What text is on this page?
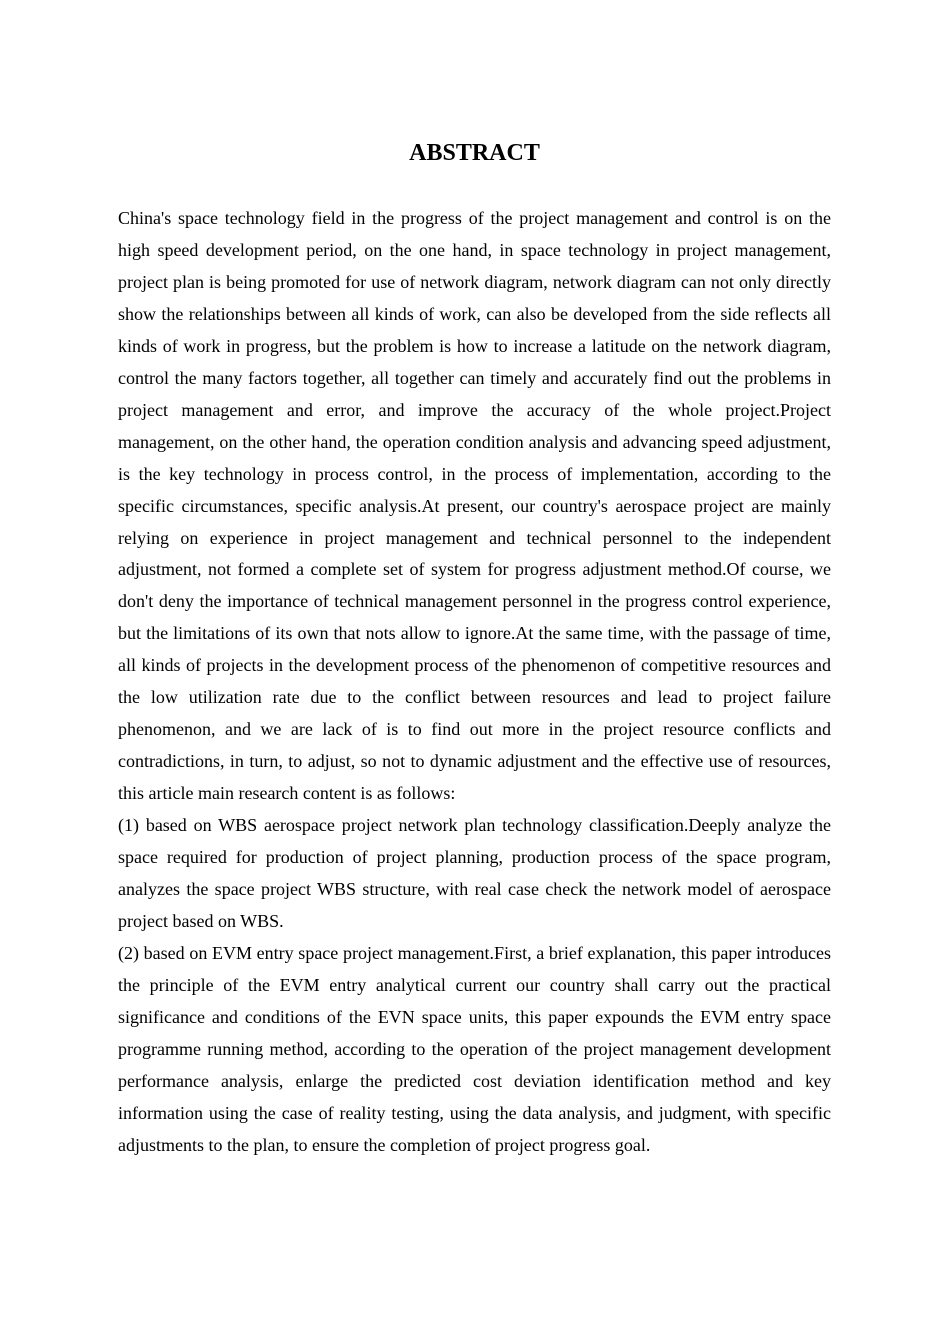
ABSTRACT

China's space technology field in the progress of the project management and control is on the high speed development period, on the one hand, in space technology in project management, project plan is being promoted for use of network diagram, network diagram can not only directly show the relationships between all kinds of work, can also be developed from the side reflects all kinds of work in progress, but the problem is how to increase a latitude on the network diagram, control the many factors together, all together can timely and accurately find out the problems in project management and error, and improve the accuracy of the whole project.Project management, on the other hand, the operation condition analysis and advancing speed adjustment, is the key technology in process control, in the process of implementation, according to the specific circumstances, specific analysis.At present, our country's aerospace project are mainly relying on experience in project management and technical personnel to the independent adjustment, not formed a complete set of system for progress adjustment method.Of course, we don't deny the importance of technical management personnel in the progress control experience, but the limitations of its own that nots allow to ignore.At the same time, with the passage of time, all kinds of projects in the development process of the phenomenon of competitive resources and the low utilization rate due to the conflict between resources and lead to project failure phenomenon, and we are lack of is to find out more in the project resource conflicts and contradictions, in turn, to adjust, so not to dynamic adjustment and the effective use of resources, this article main research content is as follows:

(1) based on WBS aerospace project network plan technology classification.Deeply analyze the space required for production of project planning, production process of the space program, analyzes the space project WBS structure, with real case check the network model of aerospace project based on WBS.

(2) based on EVM entry space project management.First, a brief explanation, this paper introduces the principle of the EVM entry analytical current our country shall carry out the practical significance and conditions of the EVN space units, this paper expounds the EVM entry space programme running method, according to the operation of the project management development performance analysis, enlarge the predicted cost deviation identification method and key information using the case of reality testing, using the data analysis, and judgment, with specific adjustments to the plan, to ensure the completion of project progress goal.
